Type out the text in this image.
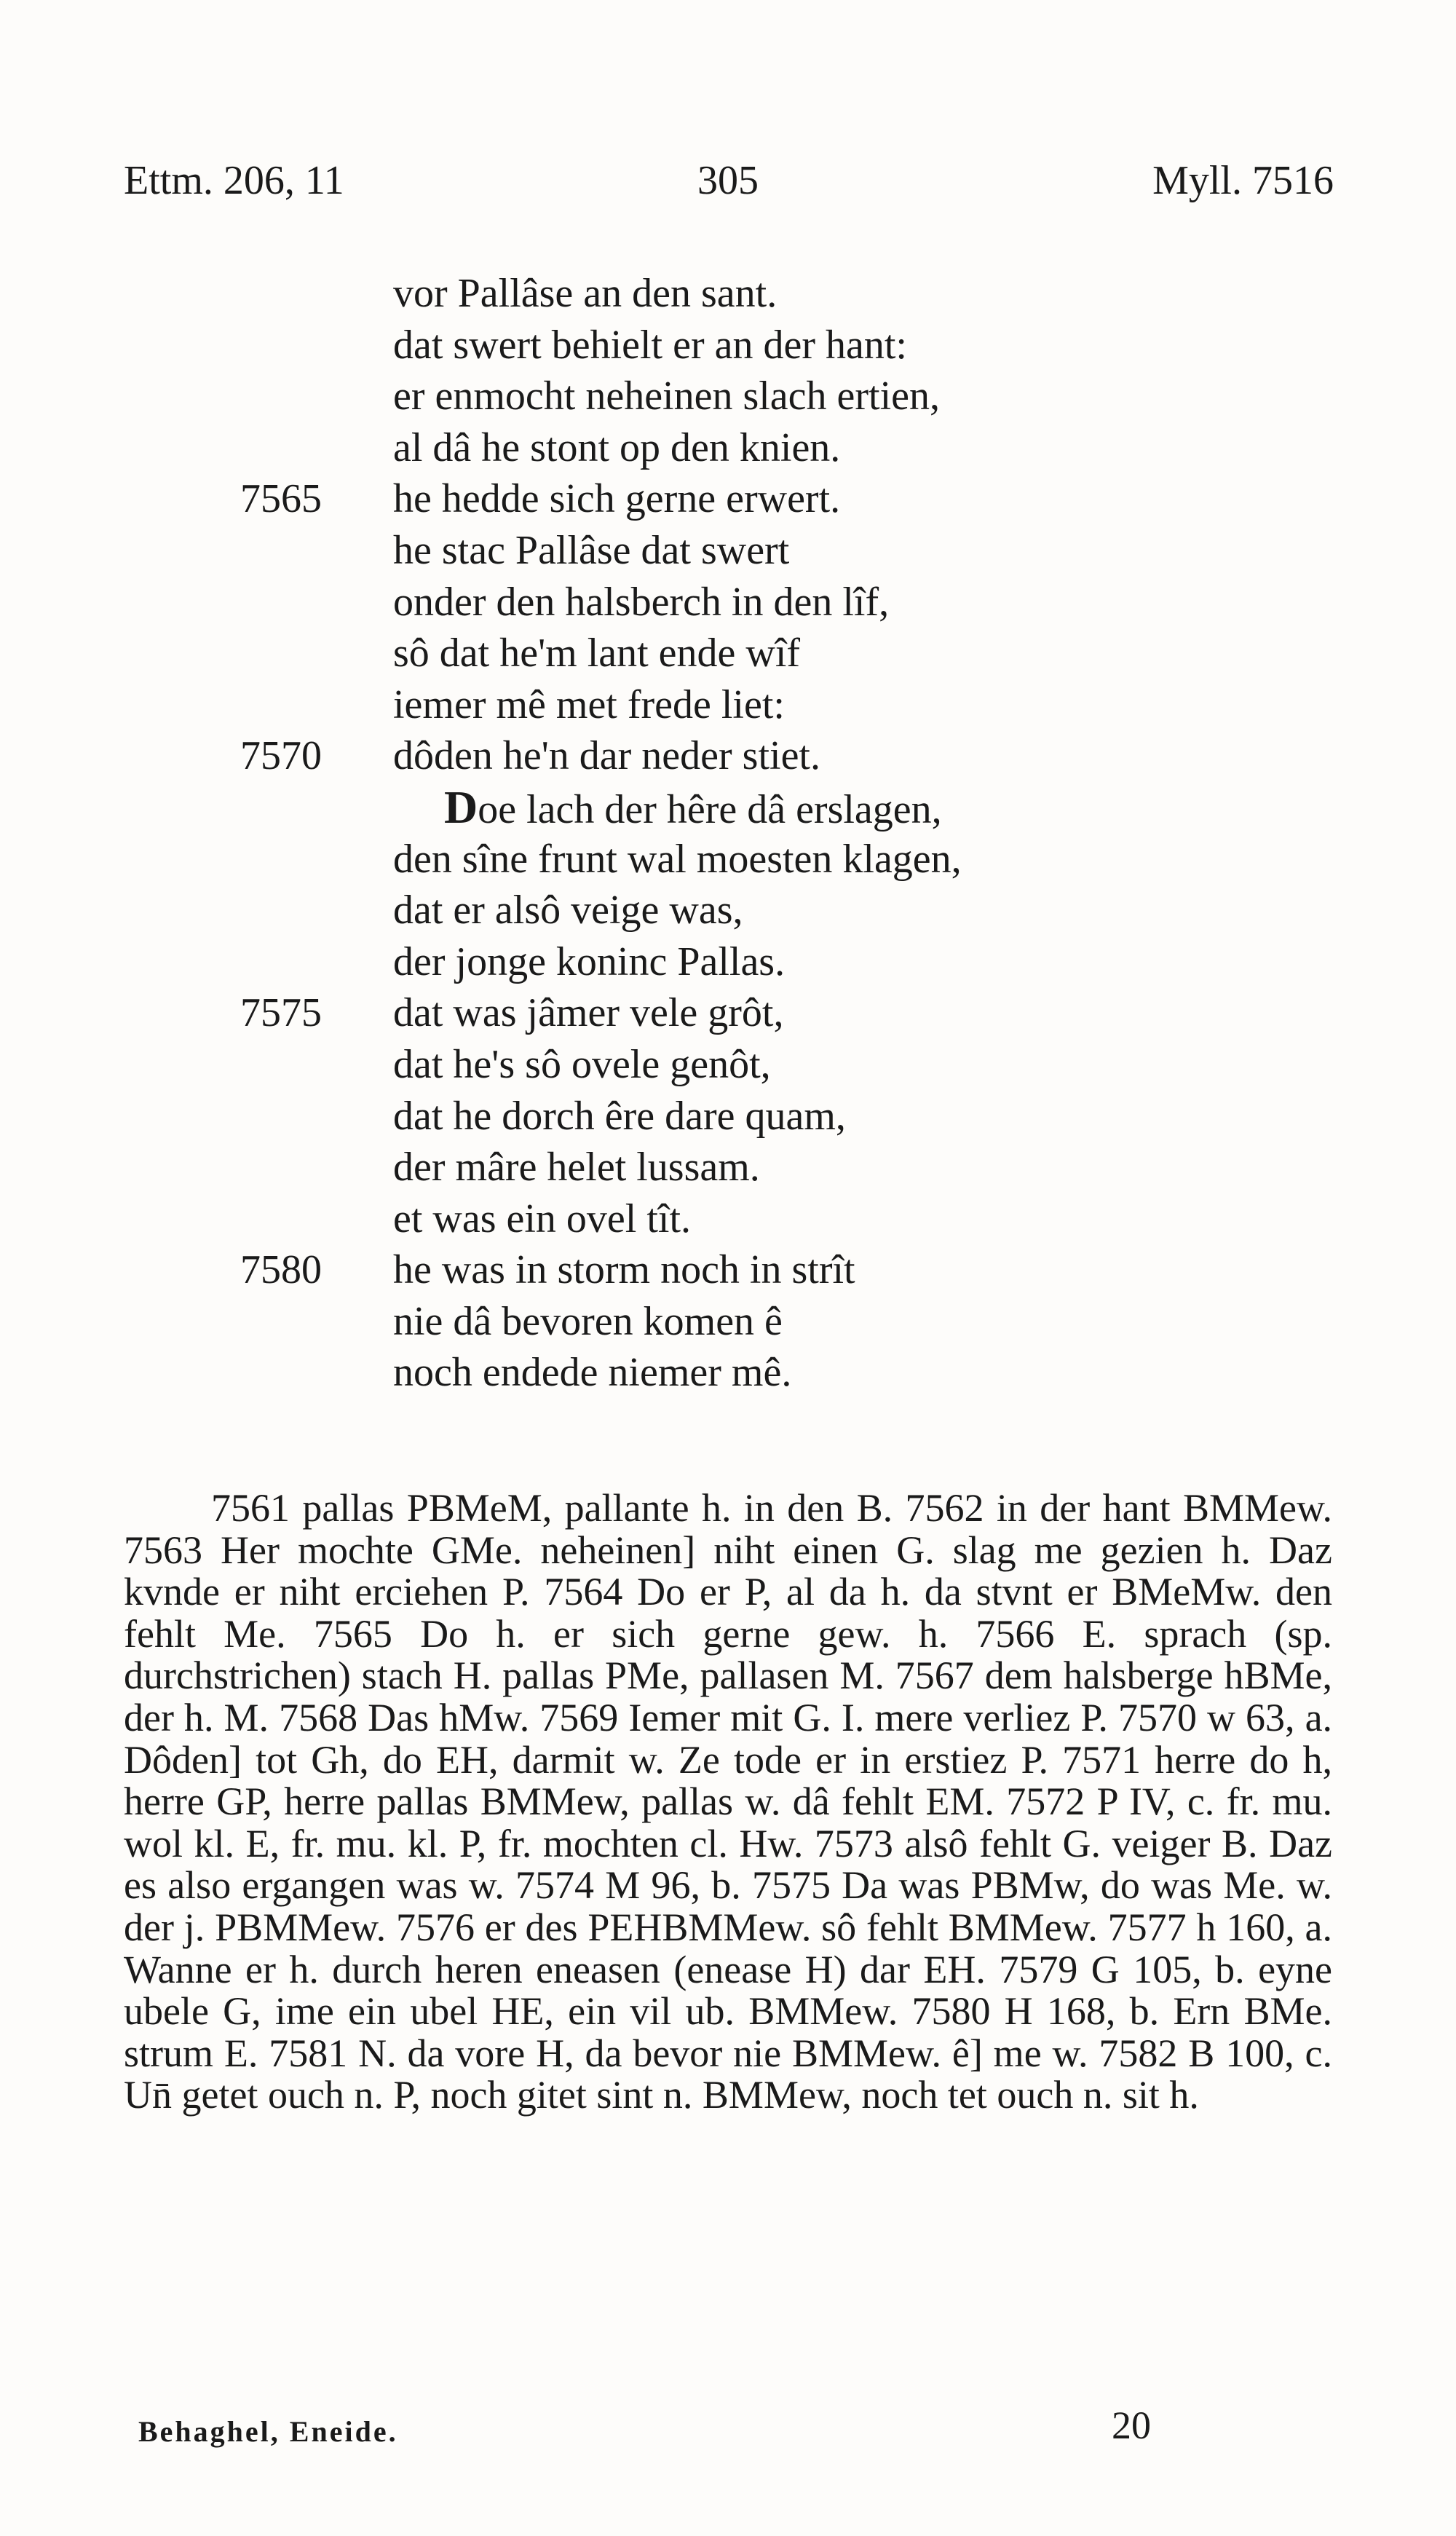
Ettm. 206, 11	305	Myll. 7516
vor Pallâse an den sant.
dat swert behielt er an der hant:
er enmocht neheinen slach ertien,
al dâ he stont op den knien.
7565	he hedde sich gerne erwert.
he stac Pallâse dat swert
onder den halsberch in den lîf,
sô dat he'm lant ende wîf
iemer mê met frede liet:
7570	dôden he'n dar neder stiet.
Doe lach der hêre dâ erslagen,
den sîne frunt wal moesten klagen,
dat er alsô veige was,
der jonge koninc Pallas.
7575	dat was jâmer vele grôt,
dat he's sô ovele genôt,
dat he dorch êre dare quam,
der mâre helet lussam.
et was ein ovel tît.
7580	he was in storm noch in strît
nie dâ bevoren komen ê
noch endede niemer mê.

7561 pallas PBMeM, pallante h. in den B. 7562 in der hant BMMew. 7563 Her mochte GMe. neheinen] niht einen G. slag me gezien h. Daz kvnde er niht erciehen P. 7564 Do er P, al da h. da stvnt er BMeMw. den fehlt Me. 7565 Do h. er sich gerne gew. h. 7566 E. sprach (sp. durchstrichen) stach H. pallas PMe, pallasen M. 7567 dem halsberge hBMe, der h. M. 7568 Das hMw. 7569 Iemer mit G. I. mere verliez P. 7570 w 63, a. Dôden] tot Gh, do EH, darmit w. Ze tode er in erstiez P. 7571 herre do h, herre GP, herre pallas BMMew, pallas w. dâ fehlt EM. 7572 P IV, c. fr. mu. wol kl. E, fr. mu. kl. P, fr. mochten cl. Hw. 7573 alsô fehlt G. veiger B. Daz es also ergangen was w. 7574 M 96, b. 7575 Da was PBMw, do was Me. w. der j. PBMMew. 7576 er des PEHBMMew. sô fehlt BMMew. 7577 h 160, a. Wanne er h. durch heren eneasen (enease H) dar EH. 7579 G 105, b. eyne ubele G, ime ein ubel HE, ein vil ub. BMMew. 7580 H 168, b. Ern BMe. strum E. 7581 N. da vore H, da bevor nie BMMew. ê] me w. 7582 B 100, c. Un̄ getet ouch n. P, noch gitet sint n. BMMew, noch tet ouch n. sit h.

Behaghel, Eneide.	20
